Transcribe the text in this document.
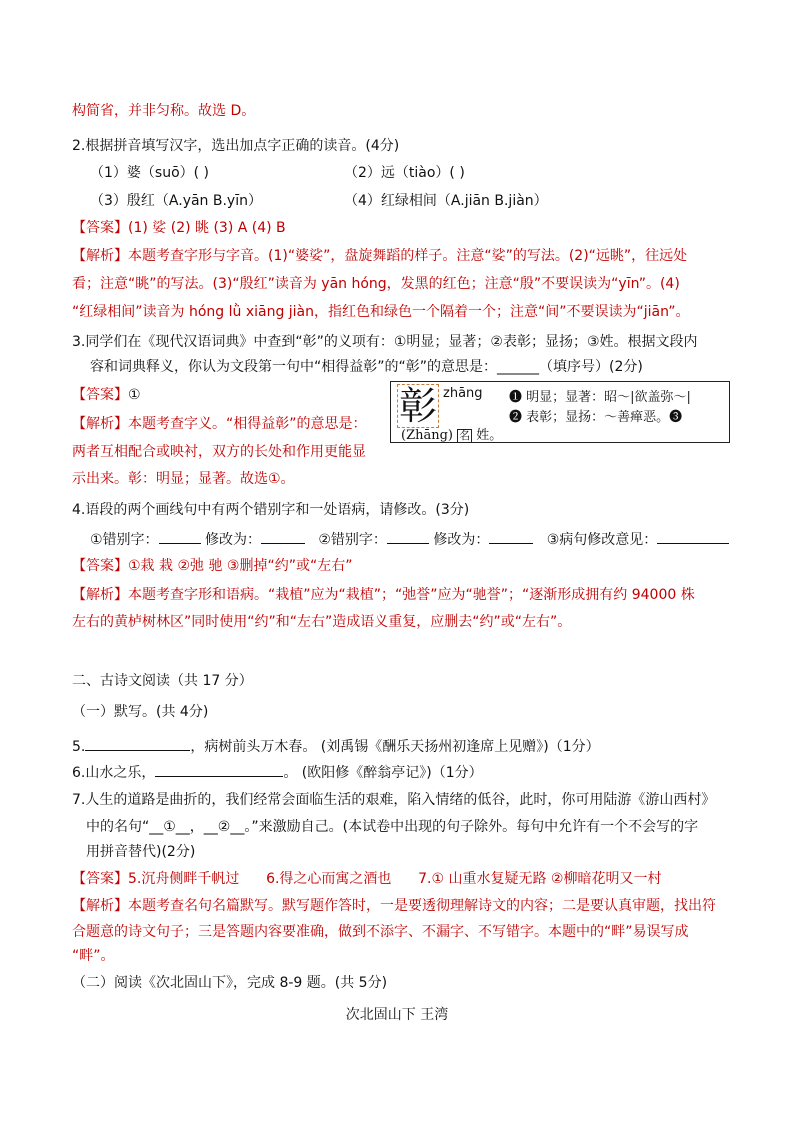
构简省，并非匀称。故选 D。
2.根据拼音填写汉字，选出加点字正确的读音。(4分)
（1）婆（suō）( )	（2）远（tiào）( )
（3）殷红（A.yān B.yīn）	（4）红绿相间（A.jiān B.jiàn）
【答案】(1) 娑 (2) 眺 (3) A (4) B
【解析】本题考查字形与字音。(1)“婆娑”，盘旋舞蹈的样子。注意“娑”的写法。(2)“远眺”，往远处
看；注意“眺”的写法。(3)“殷红”读音为 yān hóng，发黑的红色；注意“殷”不要误读为“yīn”。(4)
“红绿相间”读音为 hóng lǜ xiāng jiàn，指红色和绿色一个隔着一个；注意“间”不要误读为“jiān”。
3.同学们在《现代汉语词典》中查到“彰”的义项有：①明显；显著；②表彰；显扬；③姓。根据文段内
容和词典释义，你认为文段第一句中“相得益彰”的“彰”的意思是：______（填序号）(2分)
【答案】①
【解析】本题考查字义。“相得益彰”的意思是：
两者互相配合或映衬，双方的长处和作用更能显
示出来。彰：明显；显著。故选①。
彰 zhāng ❶ 明显；显著：昭～|欲盖弥～|
❷ 表彰；显扬：～善瘅恶。❸
(Zhāng) 名 姓。
4.语段的两个画线句中有两个错别字和一处语病，请修改。(3分)
①错别字：	修改为：	②错别字：	修改为：	③病句修改意见：
【答案】①栽 栽 ②弛 驰 ③删掉“约”或“左右”
【解析】本题考查字形和语病。“栽植”应为“栽植”；“弛誉”应为“驰誉”；“逐渐形成拥有约 94000 株
左右的黄栌树林区”同时使用“约”和“左右”造成语义重复，应删去“约”或“左右”。
二、古诗文阅读（共 17 分）
（一）默写。(共 4分)
5.	，病树前头万木春。 (刘禹锡《酬乐天扬州初逢席上见赠》)（1分）
6.山水之乐，	。 (欧阳修《醉翁亭记》)（1分）
7.人生的道路是曲折的，我们经常会面临生活的艰难，陷入情绪的低谷，此时，你可用陆游《游山西村》
中的名句“__①__，__②__。”来激励自己。(本试卷中出现的句子除外。每句中允许有一个不会写的字
用拼音替代)(2分)
【答案】5.沉舟侧畔千帆过 6.得之心而寓之酒也 7.① 山重水复疑无路 ②柳暗花明又一村
【解析】本题考查名句名篇默写。默写题作答时，一是要透彻理解诗文的内容；二是要认真审题，找出符
合题意的诗文句子；三是答题内容要准确，做到不添字、不漏字、不写错字。本题中的“畔”易误写成
“畔”。
（二）阅读《次北固山下》，完成 8-9 题。(共 5分)
次北固山下 王湾
